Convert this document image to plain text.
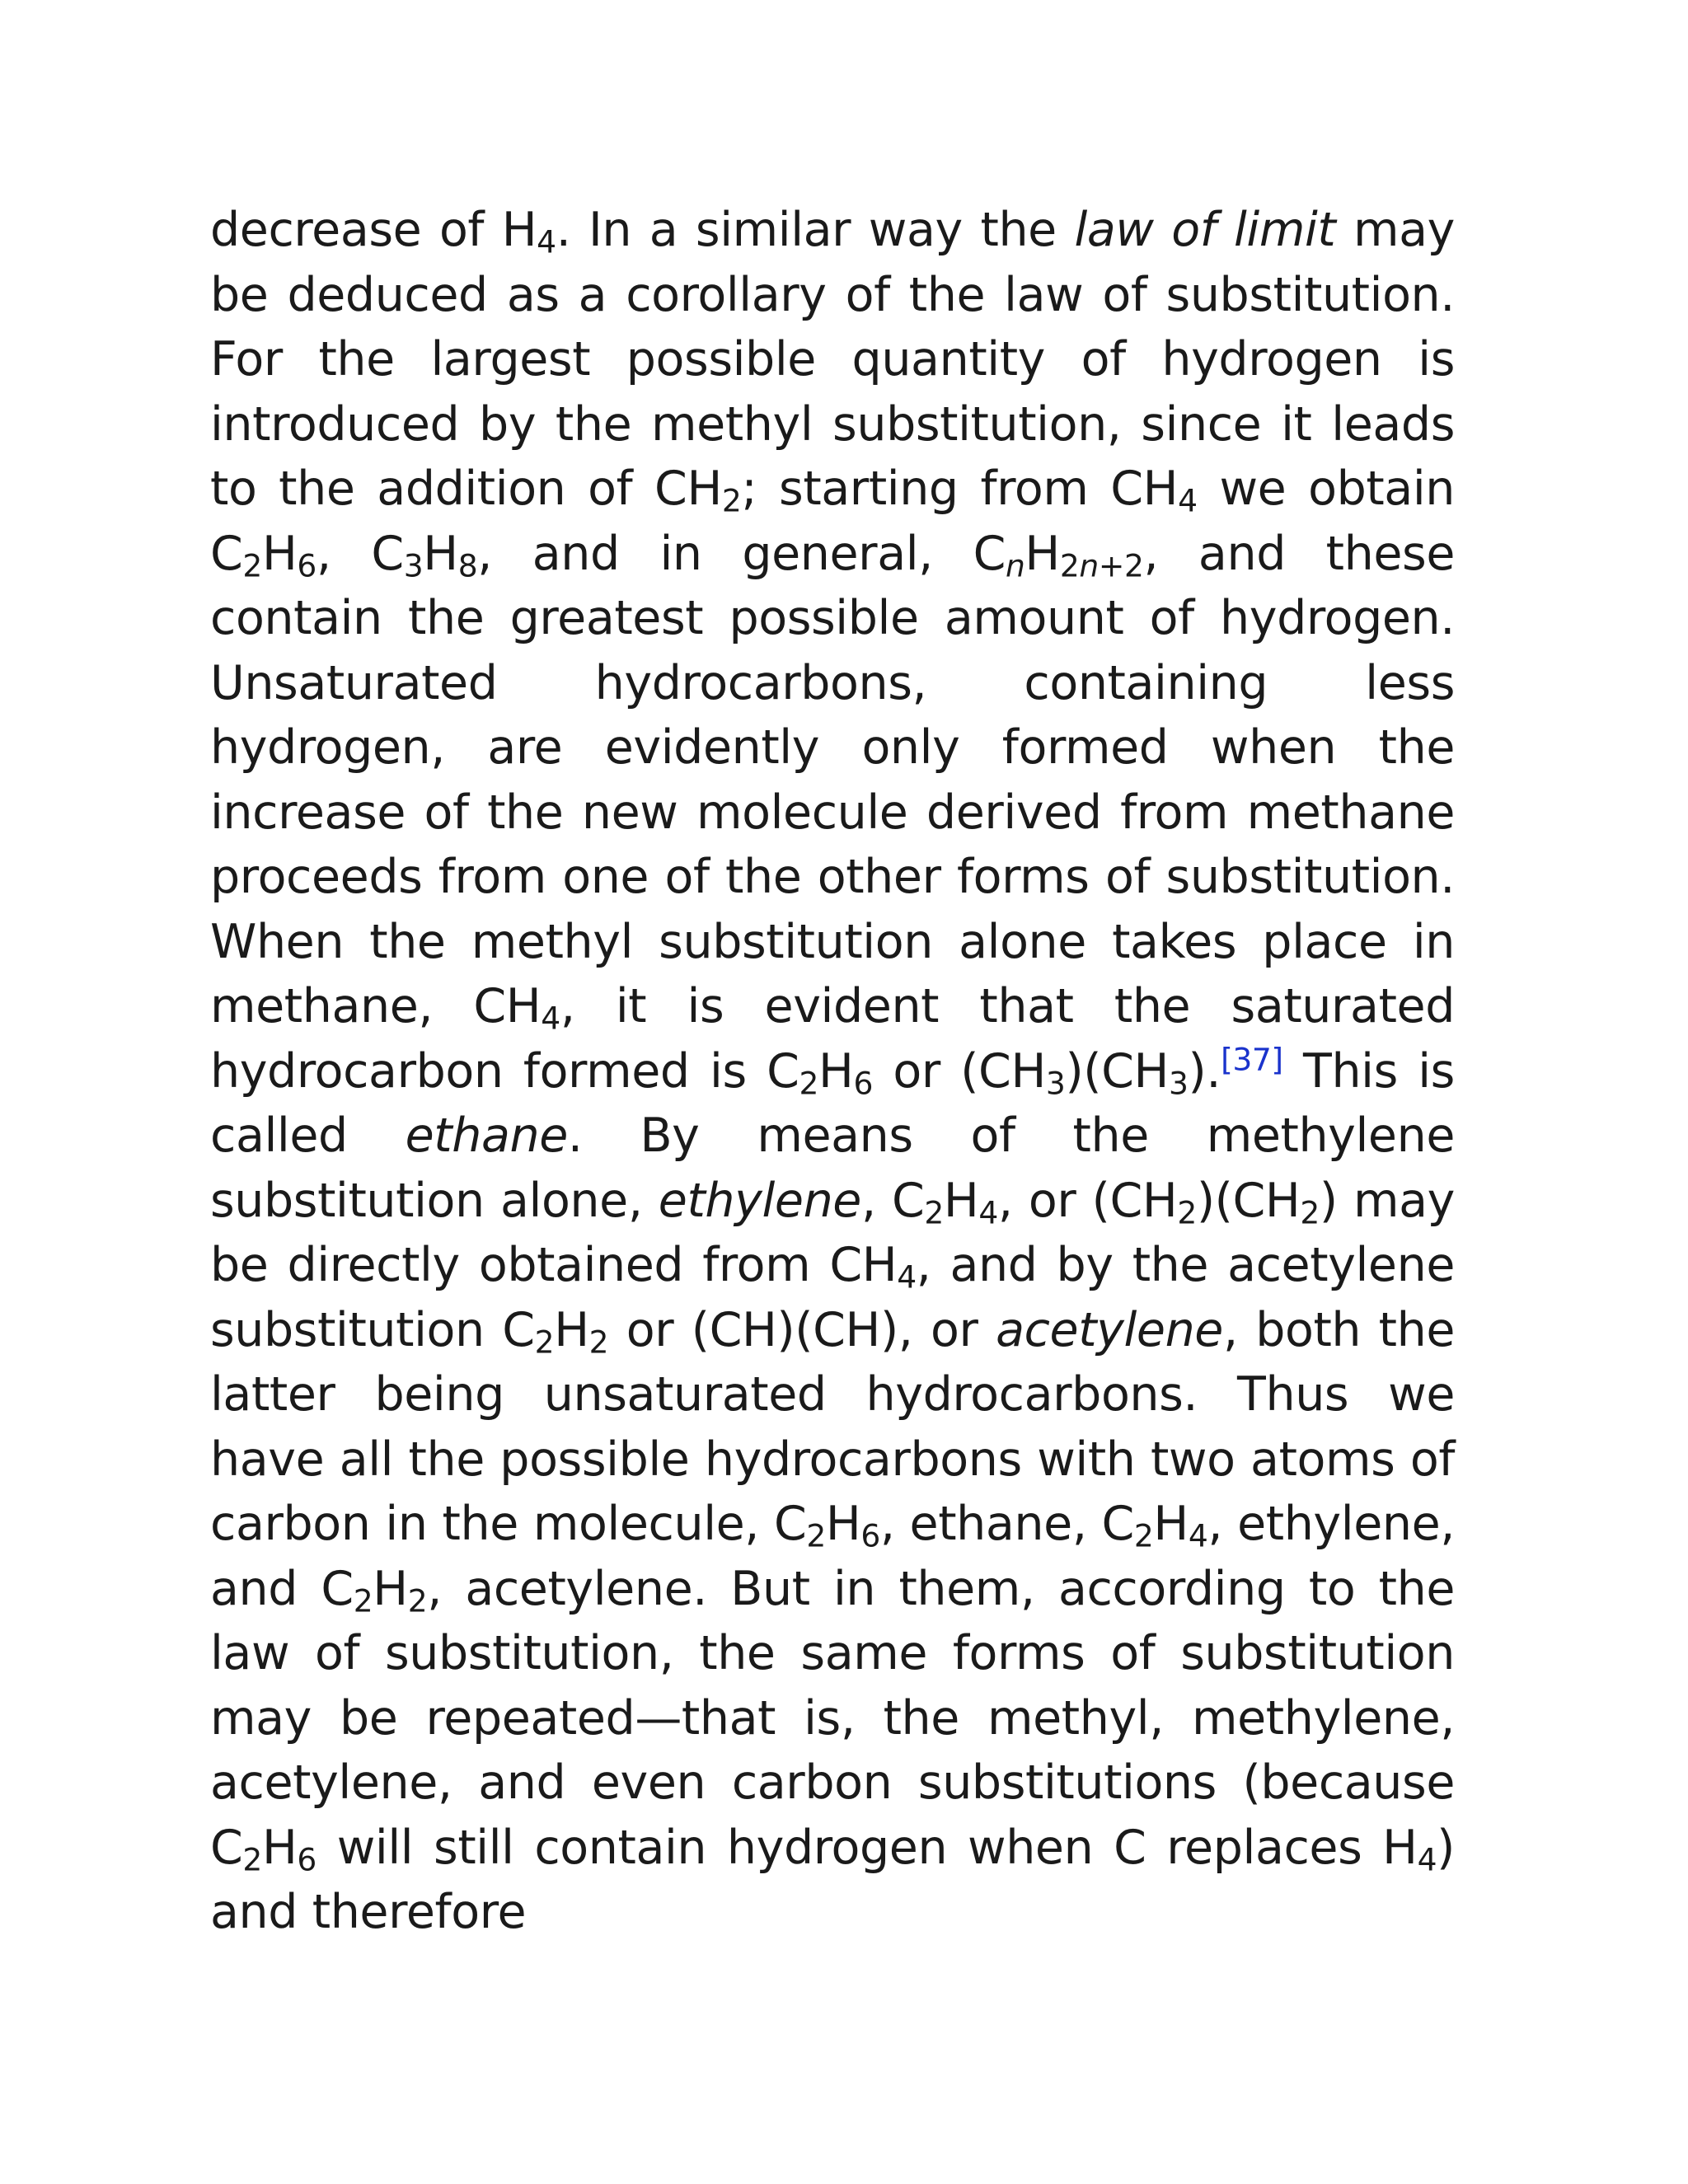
decrease of $H_4$. In a similar way the law of limit may be deduced as a corollary of the law of substitution. For the largest possible quantity of hydrogen is introduced by the methyl substitution, since it leads to the addition of $CH_2$; starting from $CH_4$ we obtain $C_2H_6$, $C_3H_8$, and in general, $C_nH_{2n+2}$, and these contain the greatest possible amount of hydrogen. Unsaturated hydrocarbons, containing less hydrogen, are evidently only formed when the increase of the new molecule derived from methane proceeds from one of the other forms of substitution. When the methyl substitution alone takes place in methane, $CH_4$, it is evident that the saturated hydrocarbon formed is $C_2H_6$ or $(CH_3)(CH_3).[37]$ This is called ethane. By means of the methylene substitution alone, ethylene, $C_2H_4$, or $(CH_2)(CH_2)$ may be directly obtained from $CH_4$, and by the acetylene substitution $C_2H_2$ or (CH)(CH), or acetylene, both the latter being unsaturated hydrocarbons. Thus we have all the possible hydrocarbons with two atoms of carbon in the molecule, $C_2H_6$, ethane, $C_2H_4$, ethylene, and $C_2H_2$, acetylene. But in them, according to the law of substitution, the same forms of substitution may be repeated—that is, the methyl, methylene, acetylene, and even carbon substitutions (because $C_2H_6$ will still contain hydrogen when C replaces $H_4$) and therefore
